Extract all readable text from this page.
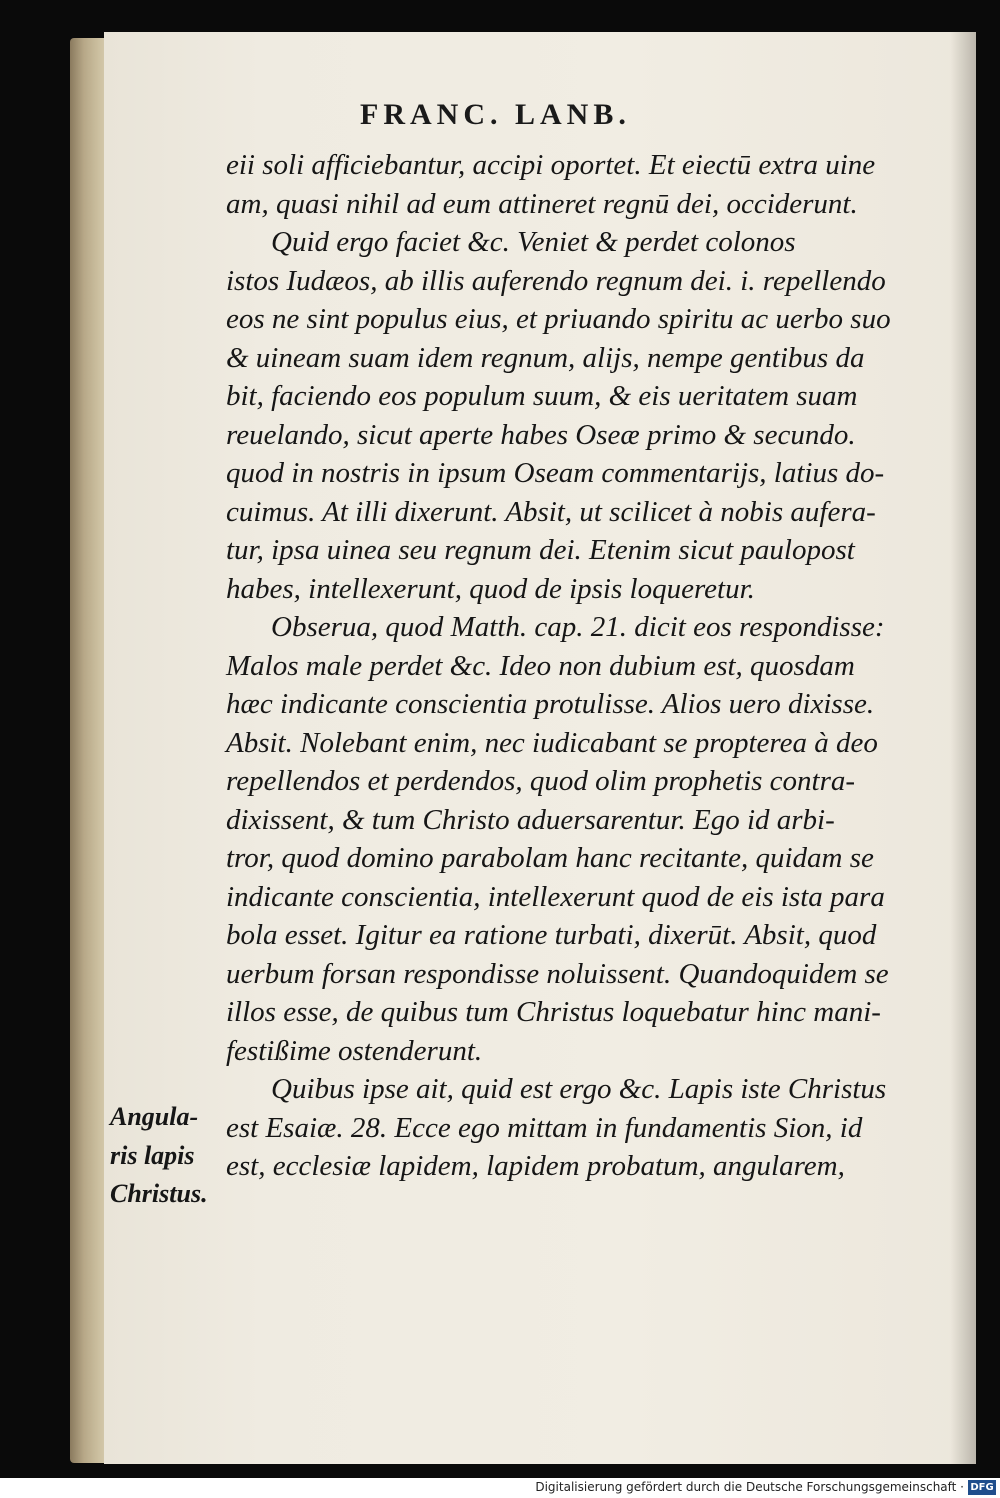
FRANC. LANB.
eii soli afficiebantur, accipi oportet. Et eiectū extra uine
am, quasi nihil ad eum attineret regnū dei, occiderunt.
Quid ergo faciet &c. Veniet & perdet colonos
istos Iudæos, ab illis auferendo regnum dei. i. repellendo
eos ne sint populus eius, et priuando spiritu ac uerbo suo
& uineam suam idem regnum, alijs, nempe gentibus da
bit, faciendo eos populum suum, & eis ueritatem suam
reuelando, sicut aperte habes Oseæ primo & secundo.
quod in nostris in ipsum Oseam commentarijs, latius do-
cuimus. At illi dixerunt. Absit, ut scilicet à nobis auferа-
tur, ipsa uinea seu regnum dei. Etenim sicut paulopost
habes, intellexerunt, quod de ipsis loqueretur.
Obserua, quod Matth. cap. 21. dicit eos respondisse:
Malos male perdet &c. Ideo non dubium est, quosdam
hæc indicante conscientia protulisse. Alios uero dixisse.
Absit. Nolebant enim, nec iudicabant se propterea à deo
repellendos et perdendos, quod olim prophetis contra-
dixissent, & tum Christo aduersarentur. Ego id arbi-
tror, quod domino parabolam hanc recitante, quidam se
indicante conscientia, intellexerunt quod de eis ista para
bola esset. Igitur ea ratione turbati, dixerūt. Absit, quod
uerbum forsan respondisse noluissent. Quandoquidem se
illos esse, de quibus tum Christus loquebatur hinc mani-
festißime ostenderunt.
Quibus ipse ait, quid est ergo &c. Lapis iste Christus
est Esaiæ. 28. Ecce ego mittam in fundamentis Sion, id
est, ecclesiæ lapidem, lapidem probatum, angularem,
Angula-
ris lapis
Christus.
Digitalisierung gefördert durch die Deutsche Forschungsgemeinschaft · DFG
